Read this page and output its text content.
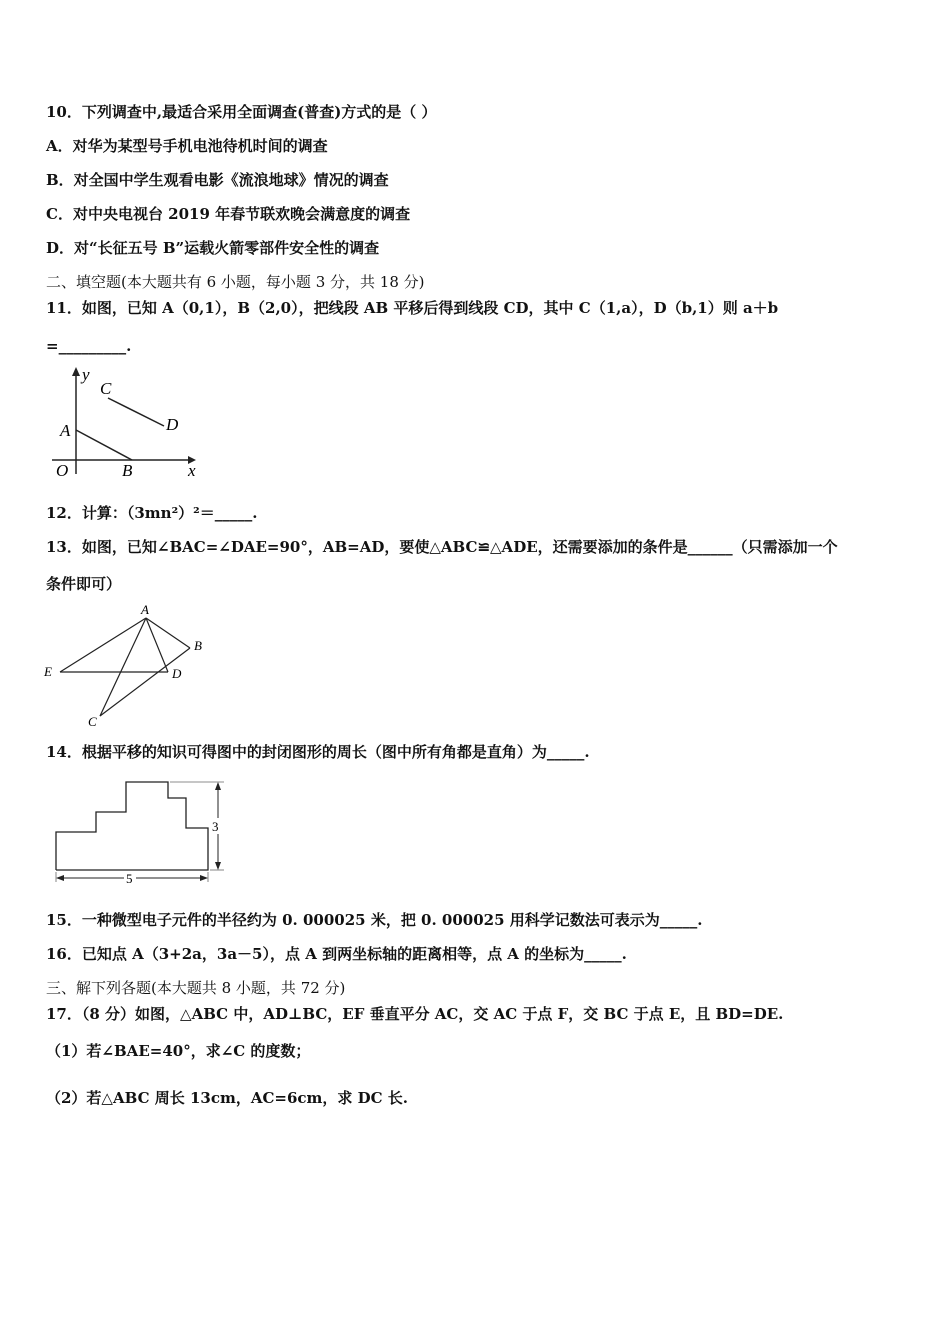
10．下列调查中,最适合采用全面调查(普查)方式的是（ ）
A．对华为某型号手机电池待机时间的调查
B．对全国中学生观看电影《流浪地球》情况的调查
C．对中央电视台 2019 年春节联欢晚会满意度的调查
D．对“长征五号 B”运载火箭零部件安全性的调查
二、填空题(本大题共有 6 小题，每小题 3 分，共 18 分)
11．如图，已知 A（0,1），B（2,0），把线段 AB 平移后得到线段 CD，其中 C（1,a），D（b,1）则 a＋b
=_________.
y
x
O
A
B
C
D
12．计算：（3mn²）²＝_____.
13．如图，已知∠BAC=∠DAE=90°，AB=AD，要使△ABC≌△ADE，还需要添加的条件是______（只需添加一个
条件即可）
A
B
C
D
E
14．根据平移的知识可得图中的封闭图形的周长（图中所有角都是直角）为_____.
3
5
15．一种微型电子元件的半径约为 0. 000025 米，把 0. 000025 用科学记数法可表示为_____.
16．已知点 A（3+2a，3a－5），点 A 到两坐标轴的距离相等，点 A 的坐标为_____.
三、解下列各题(本大题共 8 小题，共 72 分)
17．（8 分）如图，△ABC 中，AD⊥BC，EF 垂直平分 AC，交 AC 于点 F，交 BC 于点 E，且 BD=DE.
（1）若∠BAE=40°，求∠C 的度数；
（2）若△ABC 周长 13cm，AC=6cm，求 DC 长.
